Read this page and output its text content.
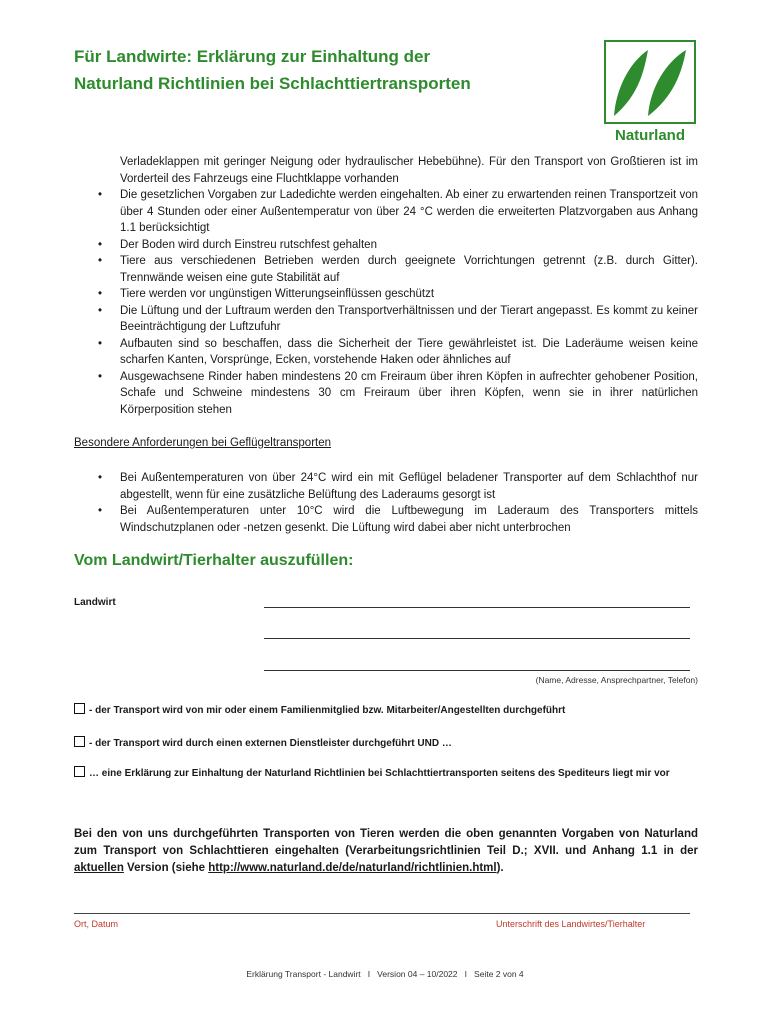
Für Landwirte: Erklärung zur Einhaltung der
Naturland Richtlinien bei Schlachttiertransporten
Naturland
Verladeklappen mit geringer Neigung oder hydraulischer Hebebühne). Für den Transport von Großtieren ist im Vorderteil des Fahrzeugs eine Fluchtklappe vorhanden
• Die gesetzlichen Vorgaben zur Ladedichte werden eingehalten. Ab einer zu erwartenden reinen Transportzeit von über 4 Stunden oder einer Außentemperatur von über 24 °C werden die erweiterten Platzvorgaben aus Anhang 1.1 berücksichtigt
• Der Boden wird durch Einstreu rutschfest gehalten
• Tiere aus verschiedenen Betrieben werden durch geeignete Vorrichtungen getrennt (z.B. durch Gitter). Trennwände weisen eine gute Stabilität auf
• Tiere werden vor ungünstigen Witterungseinflüssen geschützt
• Die Lüftung und der Luftraum werden den Transportverhältnissen und der Tierart angepasst. Es kommt zu keiner Beeinträchtigung der Luftzufuhr
• Aufbauten sind so beschaffen, dass die Sicherheit der Tiere gewährleistet ist. Die Laderäume weisen keine scharfen Kanten, Vorsprünge, Ecken, vorstehende Haken oder ähnliches auf
• Ausgewachsene Rinder haben mindestens 20 cm Freiraum über ihren Köpfen in aufrechter gehobener Position, Schafe und Schweine mindestens 30 cm Freiraum über ihren Köpfen, wenn sie in ihrer natürlichen Körperposition stehen
Besondere Anforderungen bei Geflügeltransporten
• Bei Außentemperaturen von über 24°C wird ein mit Geflügel beladener Transporter auf dem Schlachthof nur abgestellt, wenn für eine zusätzliche Belüftung des Laderaums gesorgt ist
• Bei Außentemperaturen unter 10°C wird die Luftbewegung im Laderaum des Transporters mittels Windschutzplanen oder -netzen gesenkt. Die Lüftung wird dabei aber nicht unterbrochen
Vom Landwirt/Tierhalter auszufüllen:
Landwirt
(Name, Adresse, Ansprechpartner, Telefon)
- der Transport wird von mir oder einem Familienmitglied bzw. Mitarbeiter/Angestellten durchgeführt
- der Transport wird durch einen externen Dienstleister durchgeführt UND …
… eine Erklärung zur Einhaltung der Naturland Richtlinien bei Schlachttiertransporten seitens des Spediteurs liegt mir vor
Bei den von uns durchgeführten Transporten von Tieren werden die oben genannten Vorgaben von Naturland zum Transport von Schlachttieren eingehalten (Verarbeitungsrichtlinien Teil D.; XVII. und Anhang 1.1 in der aktuellen Version (siehe http://www.naturland.de/de/naturland/richtlinien.html).
Ort, Datum	Unterschrift des Landwirtes/Tierhalter
Erklärung Transport - Landwirt   I   Version 04 – 10/2022   I   Seite 2 von 4
